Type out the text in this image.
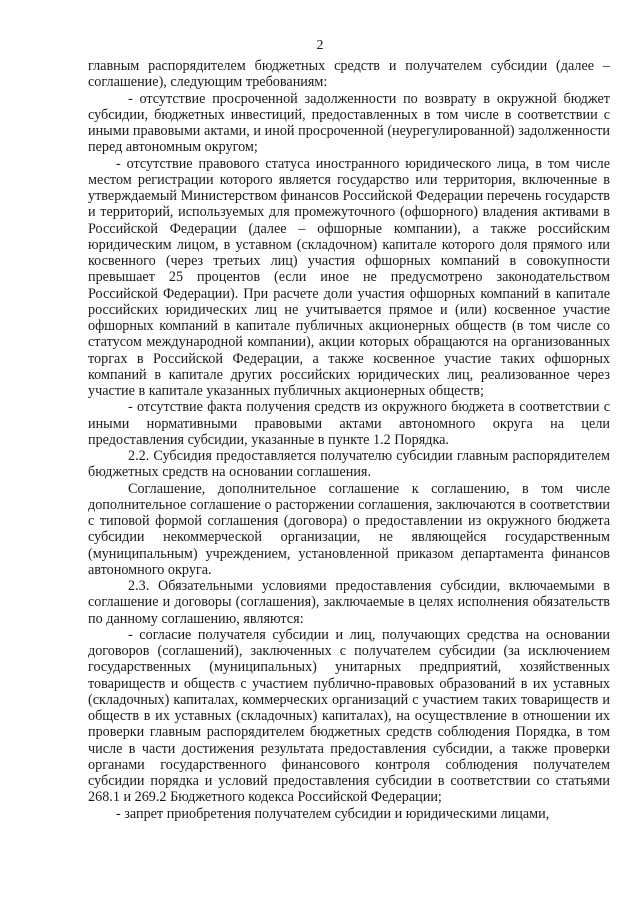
2

главным распорядителем бюджетных средств и получателем субсидии (далее – соглашение), следующим требованиям:

- отсутствие просроченной задолженности по возврату в окружной бюджет субсидии, бюджетных инвестиций, предоставленных в том числе в соответствии с иными правовыми актами, и иной просроченной (неурегулированной) задолженности перед автономным округом;

- отсутствие правового статуса иностранного юридического лица, в том числе местом регистрации которого является государство или территория, включенные в утверждаемый Министерством финансов Российской Федерации перечень государств и территорий, используемых для промежуточного (офшорного) владения активами в Российской Федерации (далее – офшорные компании), а также российским юридическим лицом, в уставном (складочном) капитале которого доля прямого или косвенного (через третьих лиц) участия офшорных компаний в совокупности превышает 25 процентов (если иное не предусмотрено законодательством Российской Федерации). При расчете доли участия офшорных компаний в капитале российских юридических лиц не учитывается прямое и (или) косвенное участие офшорных компаний в капитале публичных акционерных обществ (в том числе со статусом международной компании), акции которых обращаются на организованных торгах в Российской Федерации, а также косвенное участие таких офшорных компаний в капитале других российских юридических лиц, реализованное через участие в капитале указанных публичных акционерных обществ;

- отсутствие факта получения средств из окружного бюджета в соответствии с иными нормативными правовыми актами автономного округа на цели предоставления субсидии, указанные в пункте 1.2 Порядка.

2.2. Субсидия предоставляется получателю субсидии главным распорядителем бюджетных средств на основании соглашения.

Соглашение, дополнительное соглашение к соглашению, в том числе дополнительное соглашение о расторжении соглашения, заключаются в соответствии с типовой формой соглашения (договора) о предоставлении из окружного бюджета субсидии некоммерческой организации, не являющейся государственным (муниципальным) учреждением, установленной приказом департамента финансов автономного округа.

2.3. Обязательными условиями предоставления субсидии, включаемыми в соглашение и договоры (соглашения), заключаемые в целях исполнения обязательств по данному соглашению, являются:

- согласие получателя субсидии и лиц, получающих средства на основании договоров (соглашений), заключенных с получателем субсидии (за исключением государственных (муниципальных) унитарных предприятий, хозяйственных товариществ и обществ с участием публично-правовых образований в их уставных (складочных) капиталах, коммерческих организаций с участием таких товариществ и обществ в их уставных (складочных) капиталах), на осуществление в отношении их проверки главным распорядителем бюджетных средств соблюдения Порядка, в том числе в части достижения результата предоставления субсидии, а также проверки органами государственного финансового контроля соблюдения получателем субсидии порядка и условий предоставления субсидии в соответствии со статьями 268.1 и 269.2 Бюджетного кодекса Российской Федерации;

- запрет приобретения получателем субсидии и юридическими лицами,
